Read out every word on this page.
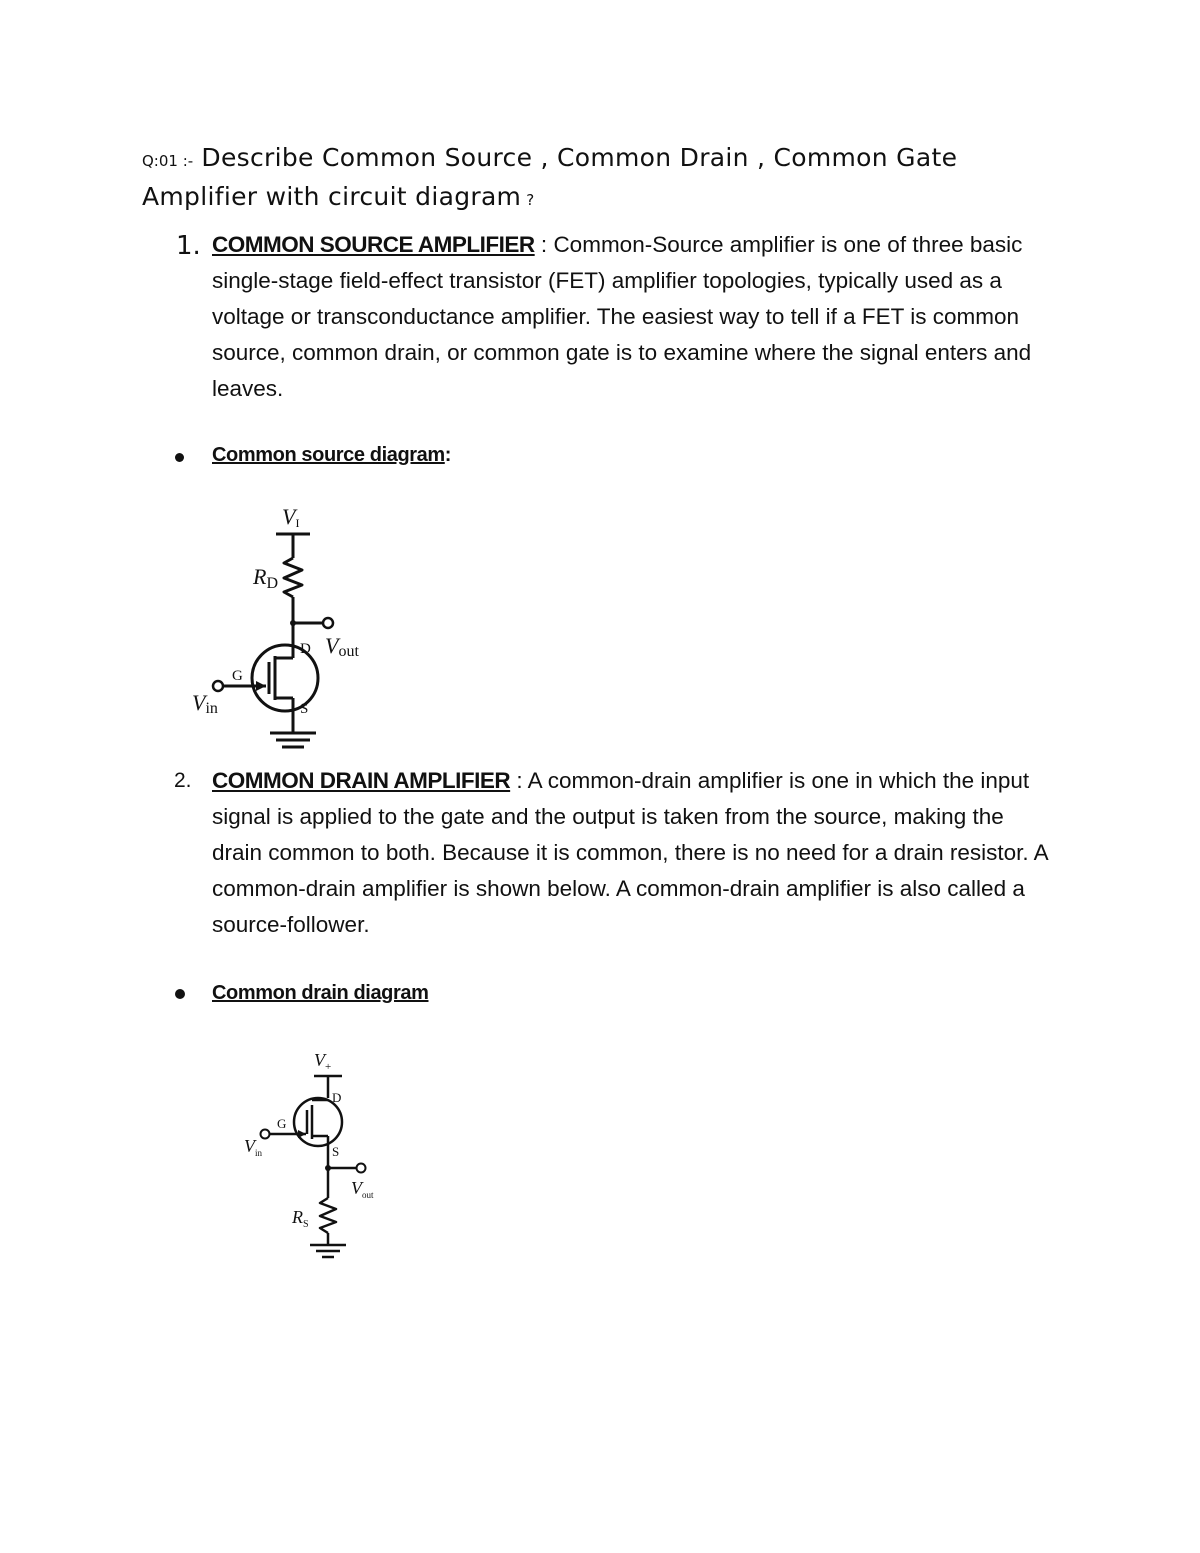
Q:01 :- Describe Common Source , Common Drain , Common Gate Amplifier with circuit diagram ?
1. COMMON SOURCE AMPLIFIER : Common-Source amplifier is one of three basic single-stage field-effect transistor (FET) amplifier topologies, typically used as a voltage or transconductance amplifier. The easiest way to tell if a FET is common source, common drain, or common gate is to examine where the signal enters and leaves.
Common source diagram:
VI
RD
D Vout
G
Vin	S
2. COMMON DRAIN AMPLIFIER : A common-drain amplifier is one in which the input signal is applied to the gate and the output is taken from the source, making the drain common to both. Because it is common, there is no need for a drain resistor. A common-drain amplifier is shown below. A common-drain amplifier is also called a source-follower.
Common drain diagram
$V_+$
D
G
$V_{in}$	S
$V_{out}$
$R_S$
